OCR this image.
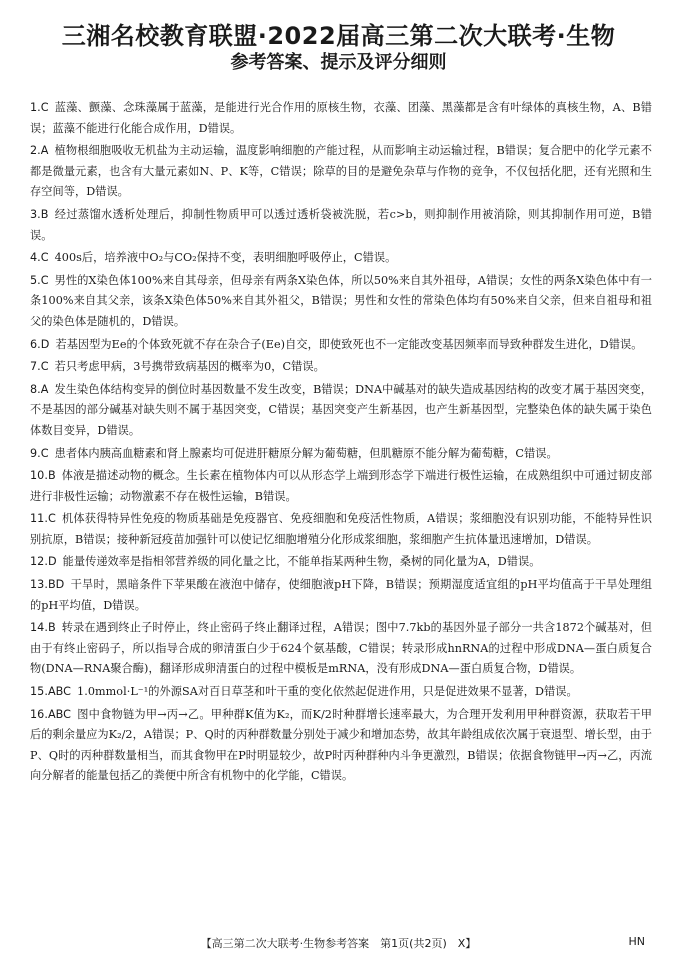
三湘名校教育联盟·2022届高三第二次大联考·生物
参考答案、提示及评分细则

1.C 蓝藻、颤藻、念珠藻属于蓝藻，是能进行光合作用的原核生物，衣藻、团藻、黑藻都是含有叶绿体的真核生物，A、B错误；蓝藻不能进行化能合成作用，D错误。

2.A 植物根细胞吸收无机盐为主动运输，温度影响细胞的产能过程，从而影响主动运输过程，B错误；复合肥中的化学元素不都是微量元素，也含有大量元素如N、P、K等，C错误；除草的目的是避免杂草与作物的竞争，不仅包括化肥，还有光照和生存空间等，D错误。

3.B 经过蒸馏水透析处理后，抑制性物质甲可以透过透析袋被洗脱，若c>b，则抑制作用被消除，则其抑制作用可逆，B错误。

4.C 400s后，培养液中O₂与CO₂保持不变，表明细胞呼吸停止，C错误。

5.C 男性的X染色体100%来自其母亲，但母亲有两条X染色体，所以50%来自其外祖母，A错误；女性的两条X染色体中有一条100%来自其父亲，该条X染色体50%来自其外祖父，B错误；男性和女性的常染色体均有50%来自父亲，但来自祖母和祖父的染色体是随机的，D错误。

6.D 若基因型为Ee的个体致死就不存在杂合子(Ee)自交，即使致死也不一定能改变基因频率而导致种群发生进化，D错误。

7.C 若只考虑甲病，3号携带致病基因的概率为0，C错误。

8.A 发生染色体结构变异的倒位时基因数量不发生改变，B错误；DNA中碱基对的缺失造成基因结构的改变才属于基因突变，不是基因的部分碱基对缺失则不属于基因突变，C错误；基因突变产生新基因，也产生新基因型，完整染色体的缺失属于染色体数目变异，D错误。

9.C 患者体内胰高血糖素和肾上腺素均可促进肝糖原分解为葡萄糖，但肌糖原不能分解为葡萄糖，C错误。

10.B 体液是描述动物的概念。生长素在植物体内可以从形态学上端到形态学下端进行极性运输，在成熟组织中可通过韧皮部进行非极性运输；动物激素不存在极性运输，B错误。

11.C 机体获得特异性免疫的物质基础是免疫器官、免疫细胞和免疫活性物质，A错误；浆细胞没有识别功能，不能特异性识别抗原，B错误；接种新冠疫苗加强针可以使记忆细胞增殖分化形成浆细胞，浆细胞产生抗体量迅速增加，D错误。

12.D 能量传递效率是指相邻营养级的同化量之比，不能单指某两种生物，桑树的同化量为A，D错误。

13.BD 干旱时，黑暗条件下苹果酸在液泡中储存，使细胞液pH下降，B错误；预期湿度适宜组的pH平均值高于干旱处理组的pH平均值，D错误。

14.B 转录在遇到终止子时停止，终止密码子终止翻译过程，A错误；图中7.7kb的基因外显子部分一共含1872个碱基对，但由于有终止密码子，所以指导合成的卵清蛋白少于624个氨基酸，C错误；转录形成hnRNA的过程中形成DNA—蛋白质复合物(DNA—RNA聚合酶)，翻译形成卵清蛋白的过程中模板是mRNA，没有形成DNA—蛋白质复合物，D错误。

15.ABC 1.0mmol·L⁻¹的外源SA对百日草茎和叶干重的变化依然起促进作用，只是促进效果不显著，D错误。

16.ABC 图中食物链为甲→丙→乙。甲种群K值为K₂，而K/2时种群增长速率最大，为合理开发利用甲种群资源，获取若干甲后的剩余量应为K₂/2，A错误；P、Q时的丙种群数量分别处于减少和增加态势，故其年龄组成依次属于衰退型、增长型，由于P、Q时的丙种群数量相当，而其食物甲在P时明显较少，故P时丙种群种内斗争更激烈，B错误；依据食物链甲→丙→乙，丙流向分解者的能量包括乙的粪便中所含有机物中的化学能，C错误。

【高三第二次大联考·生物参考答案　第1页(共2页)　X】	HN
